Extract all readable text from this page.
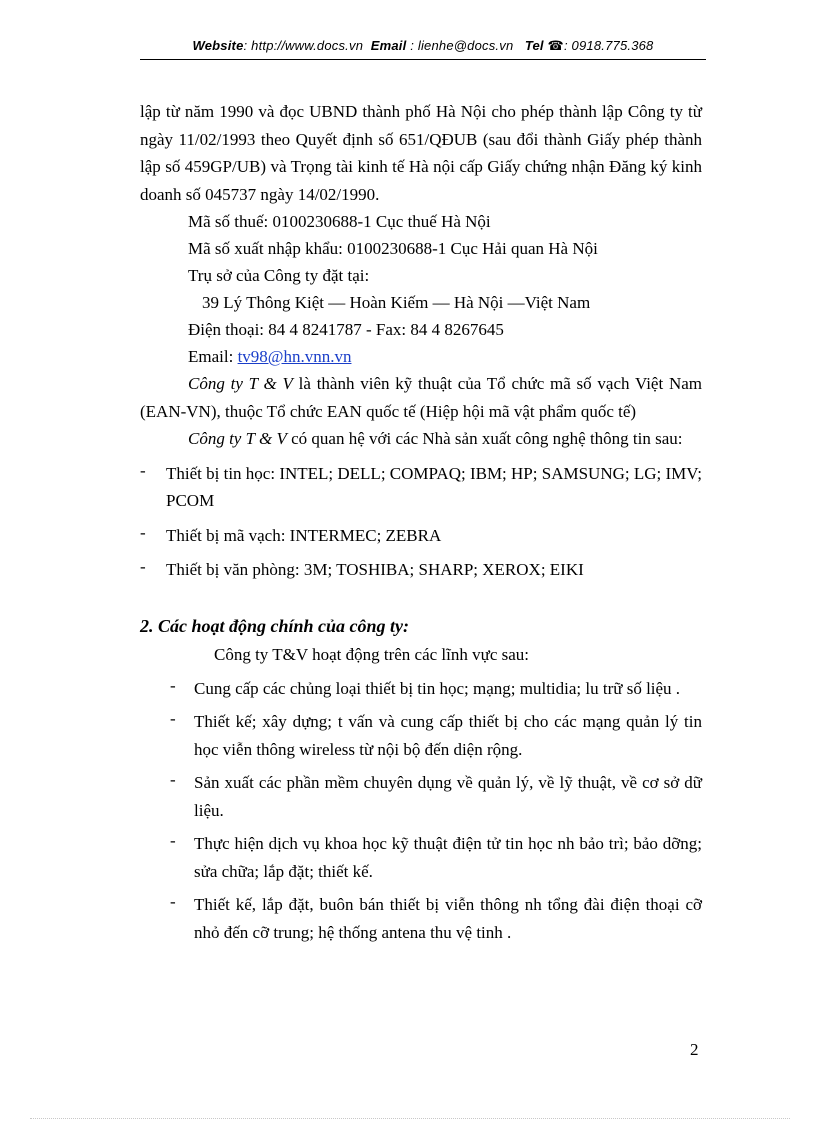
Website: http://www.docs.vn Email : lienhe@docs.vn Tel ☎: 0918.775.368

lập từ năm 1990 và đọc UBND thành phố Hà Nội cho phép thành lập Công ty từ ngày 11/02/1993 theo Quyết định số 651/QĐUB (sau đổi thành Giấy phép thành lập số 459GP/UB) và Trọng tài kinh tế Hà nội cấp Giấy chứng nhận Đăng ký kinh doanh số 045737 ngày 14/02/1990.

Mã số thuế: 0100230688-1 Cục thuế Hà Nội

Mã số xuất nhập khẩu: 0100230688-1 Cục Hải quan Hà Nội

Trụ sở của Công ty đặt tại:

39 Lý Thông Kiệt — Hoàn Kiếm — Hà Nội —Việt Nam

Điện thoại: 84 4 8241787 - Fax: 84 4 8267645

Email: tv98@hn.vnn.vn

Công ty T & V là thành viên kỹ thuật của Tổ chức mã số vạch Việt Nam (EAN-VN), thuộc Tổ chức EAN quốc tế (Hiệp hội mã vật phẩm quốc tế)

Công ty T & V có quan hệ với các Nhà sản xuất công nghệ thông tin sau:

- Thiết bị tin học: INTEL; DELL; COMPAQ; IBM; HP; SAMSUNG; LG; IMV; PCOM
- Thiết bị mã vạch: INTERMEC; ZEBRA
- Thiết bị văn phòng: 3M; TOSHIBA; SHARP; XEROX; EIKI

2. Các hoạt động chính của công ty:

Công ty T&V hoạt động trên các lĩnh vực sau:

- Cung cấp các chủng loại thiết bị tin học; mạng; multidia; lu trữ số liệu .
- Thiết kế; xây dựng; t vấn và cung cấp thiết bị cho các mạng quản lý tin học viễn thông wireless từ nội bộ đến diện rộng.
- Sản xuất các phần mềm chuyên dụng về quản lý, về lỹ thuật, về cơ sở dữ liệu.
- Thực hiện dịch vụ khoa học kỹ thuật điện tử tin học nh bảo trì; bảo dỡng; sửa chữa; lắp đặt; thiết kế.
- Thiết kế, lắp đặt, buôn bán thiết bị viễn thông nh tổng đài điện thoại cỡ nhỏ đến cỡ trung; hệ thống antena thu vệ tinh .
2
